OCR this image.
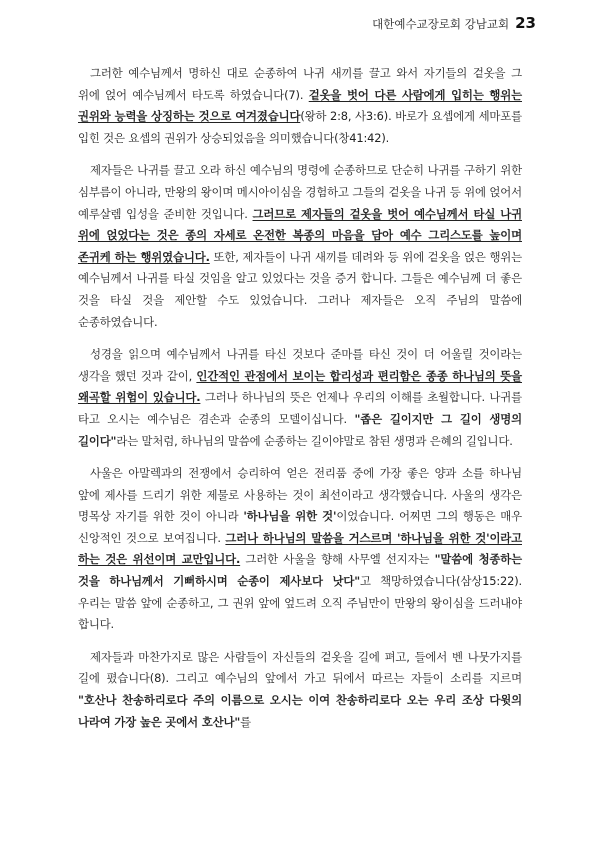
대한예수교장로회 강남교회 23

그러한 예수님께서 명하신 대로 순종하여 나귀 새끼를 끌고 와서 자기들의 겉옷을 그 위에 얹어 예수님께서 타도록 하였습니다(7). 겉옷을 벗어 다른 사람에게 입히는 행위는 권위와 능력을 상징하는 것으로 여겨졌습니다(왕하 2:8, 사3:6). 바로가 요셉에게 세마포를 입힌 것은 요셉의 권위가 상승되었음을 의미했습니다(창41:42).

제자들은 나귀를 끌고 오라 하신 예수님의 명령에 순종하므로 단순히 나귀를 구하기 위한 심부름이 아니라, 만왕의 왕이며 메시아이심을 경험하고 그들의 겉옷을 나귀 등 위에 얹어서 예루살렘 입성을 준비한 것입니다. 그러므로 제자들의 겉옷을 벗어 예수님께서 타실 나귀 위에 얹었다는 것은 종의 자세로 온전한 복종의 마음을 담아 예수 그리스도를 높이며 존귀케 하는 행위였습니다. 또한, 제자들이 나귀 새끼를 데려와 등 위에 겉옷을 얹은 행위는 예수님께서 나귀를 타실 것임을 알고 있었다는 것을 증거 합니다. 그들은 예수님께 더 좋은 것을 타실 것을 제안할 수도 있었습니다. 그러나 제자들은 오직 주님의 말씀에 순종하였습니다.

성경을 읽으며 예수님께서 나귀를 타신 것보다 준마를 타신 것이 더 어울릴 것이라는 생각을 했던 것과 같이, 인간적인 관점에서 보이는 합리성과 편리함은 종종 하나님의 뜻을 왜곡할 위험이 있습니다. 그러나 하나님의 뜻은 언제나 우리의 이해를 초월합니다. 나귀를 타고 오시는 예수님은 겸손과 순종의 모델이십니다. "좁은 길이지만 그 길이 생명의 길이다"라는 말처럼, 하나님의 말씀에 순종하는 길이야말로 참된 생명과 은혜의 길입니다.

사울은 아말렉과의 전쟁에서 승리하여 얻은 전리품 중에 가장 좋은 양과 소를 하나님 앞에 제사를 드리기 위한 제물로 사용하는 것이 최선이라고 생각했습니다. 사울의 생각은 명목상 자기를 위한 것이 아니라 '하나님을 위한 것'이었습니다. 어찌면 그의 행동은 매우 신앙적인 것으로 보여집니다. 그러나 하나님의 말씀을 거스르며 '하나님을 위한 것'이라고 하는 것은 위선이며 교만입니다. 그러한 사울을 향해 사무엘 선지자는 "말씀에 청종하는 것을 하나님께서 기뻐하시며 순종이 제사보다 낫다"고 책망하였습니다(삼상15:22). 우리는 말씀 앞에 순종하고, 그 권위 앞에 엎드려 오직 주님만이 만왕의 왕이심을 드러내야 합니다.

제자들과 마찬가지로 많은 사람들이 자신들의 겉옷을 길에 펴고, 들에서 벤 나뭇가지를 길에 폈습니다(8). 그리고 예수님의 앞에서 가고 뒤에서 따르는 자들이 소리를 지르며 "호산나 찬송하리로다 주의 이름으로 오시는 이여 찬송하리로다 오는 우리 조상 다윗의 나라여 가장 높은 곳에서 호산나"를
